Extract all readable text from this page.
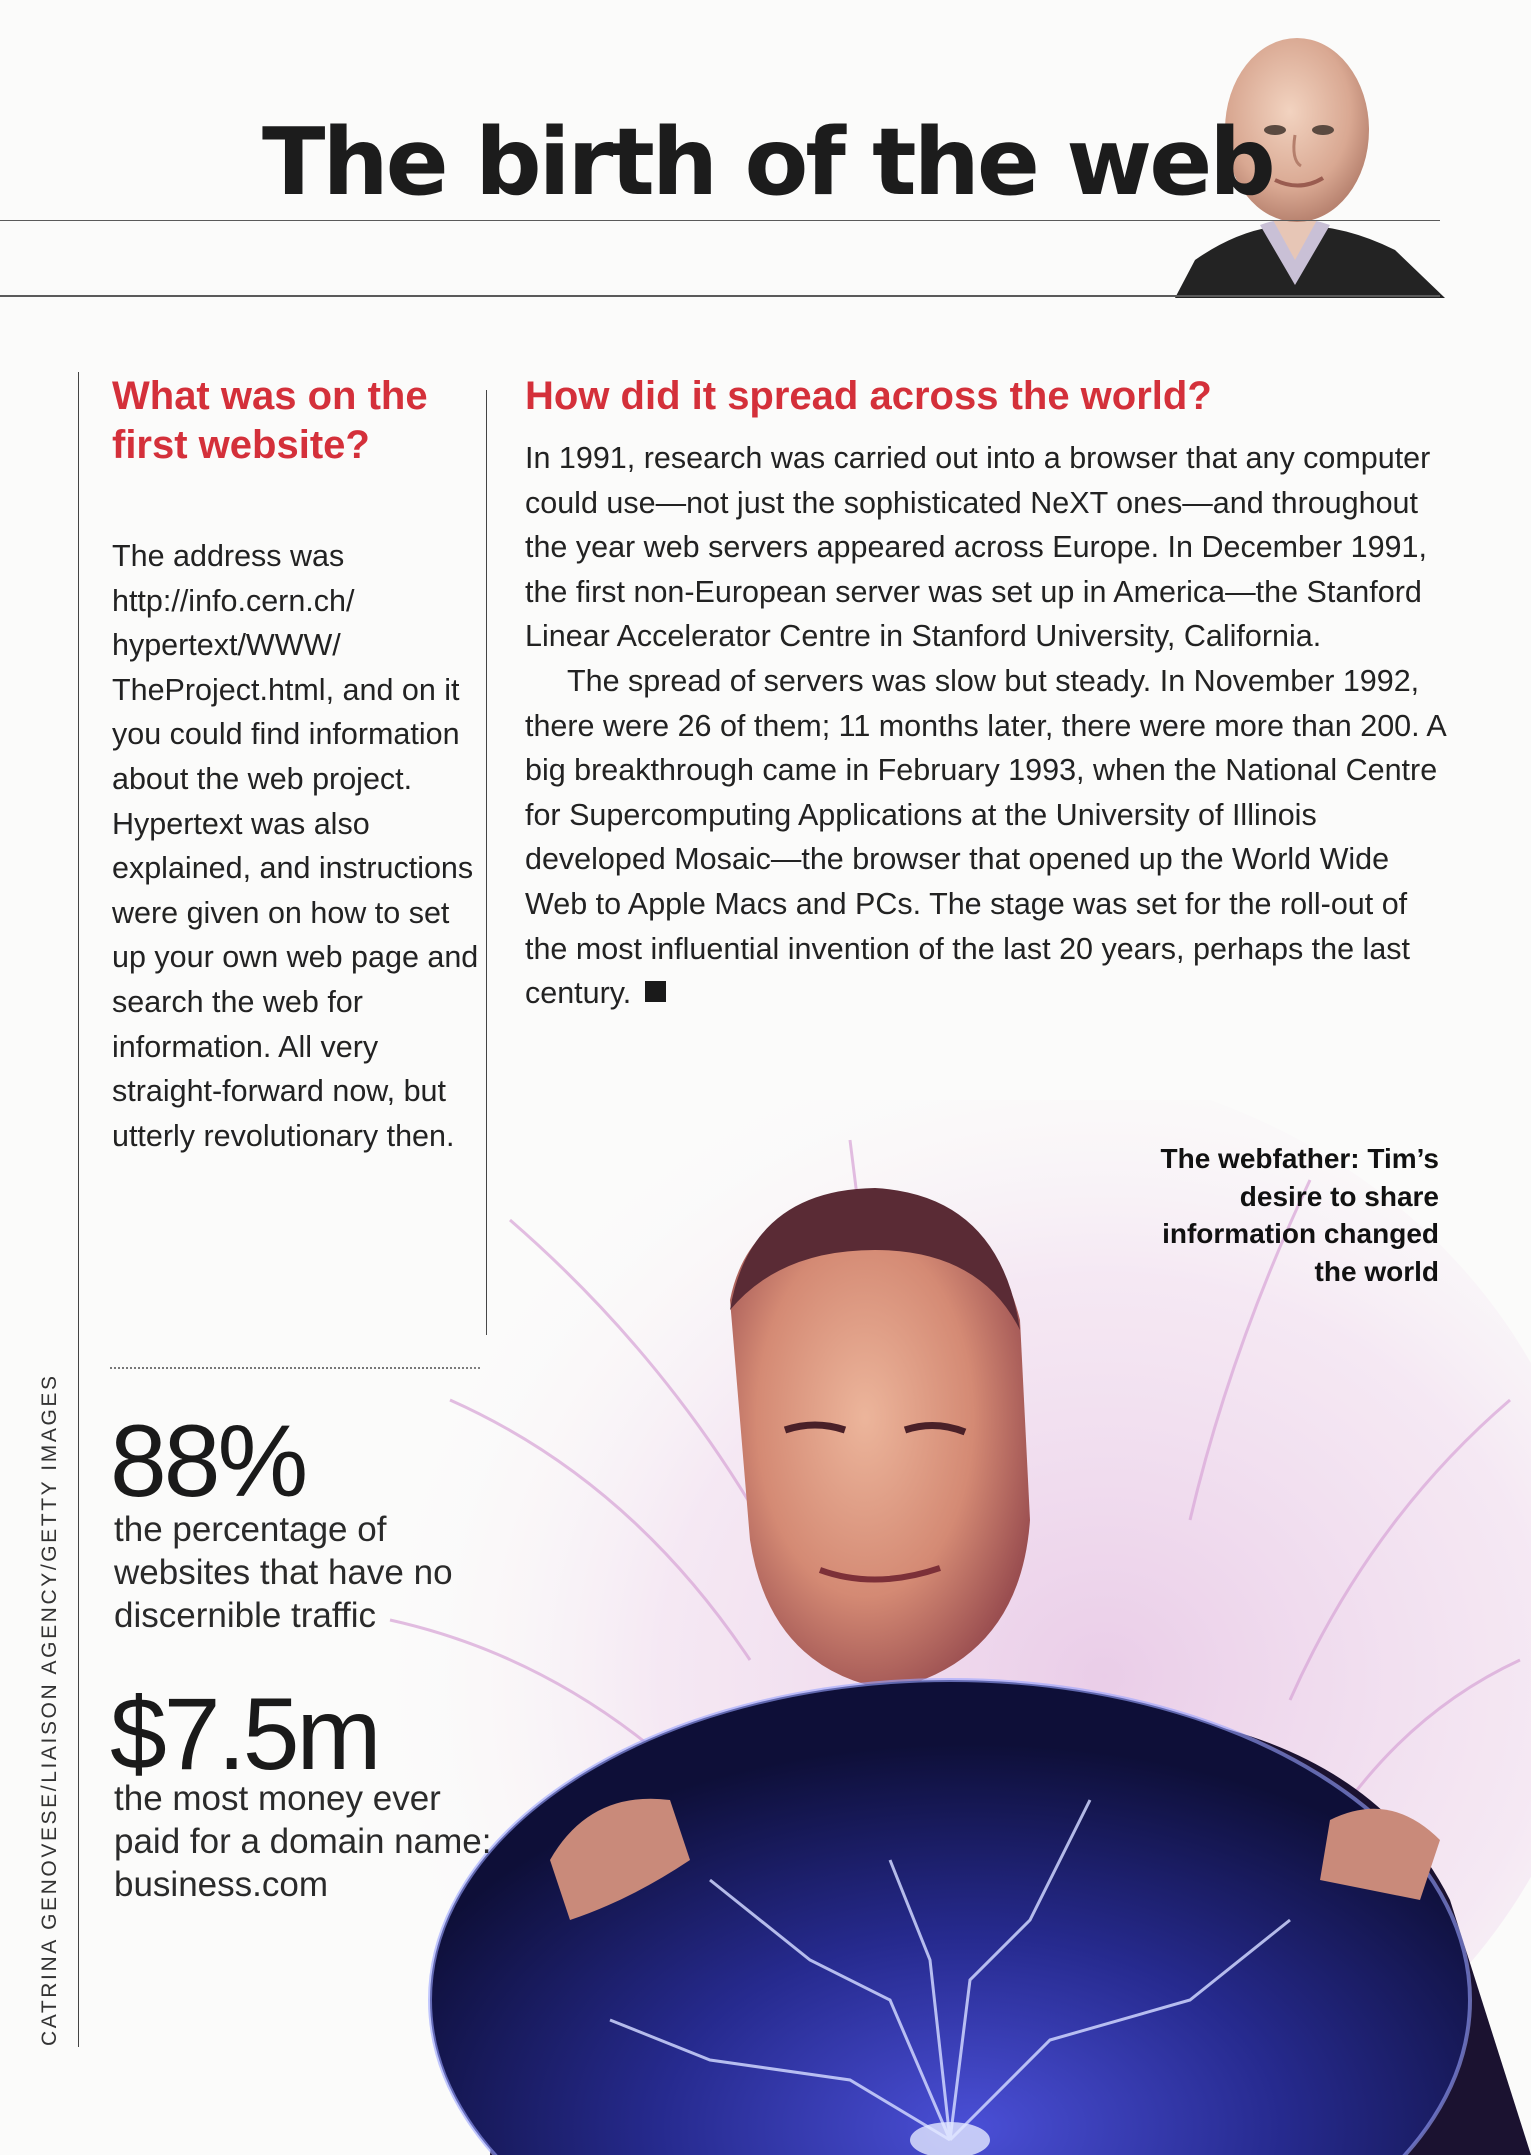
The birth of the web
CATRINA GENOVESE/LIAISON AGENCY/GETTY IMAGES
What was on the first website?

The address was http://info.cern.ch/ hypertext/WWW/ TheProject.html, and on it you could find information about the web project. Hypertext was also explained, and instructions were given on how to set up your own web page and search the web for information. All very straight-forward now, but utterly revolutionary then.

How did it spread across the world?

In 1991, research was carried out into a browser that any computer could use—not just the sophisticated NeXT ones—and throughout the year web servers appeared across Europe. In December 1991, the first non-European server was set up in America—the Stanford Linear Accelerator Centre in Stanford University, California.
The spread of servers was slow but steady. In November 1992, there were 26 of them; 11 months later, there were more than 200. A big breakthrough came in February 1993, when the National Centre for Supercomputing Applications at the University of Illinois developed Mosaic—the browser that opened up the World Wide Web to Apple Macs and PCs. The stage was set for the roll-out of the most influential invention of the last 20 years, perhaps the last century.

The webfather: Tim’s desire to share information changed the world

88%

the percentage of websites that have no discernible traffic

$7.5m

the most money ever paid for a domain name: business.com
